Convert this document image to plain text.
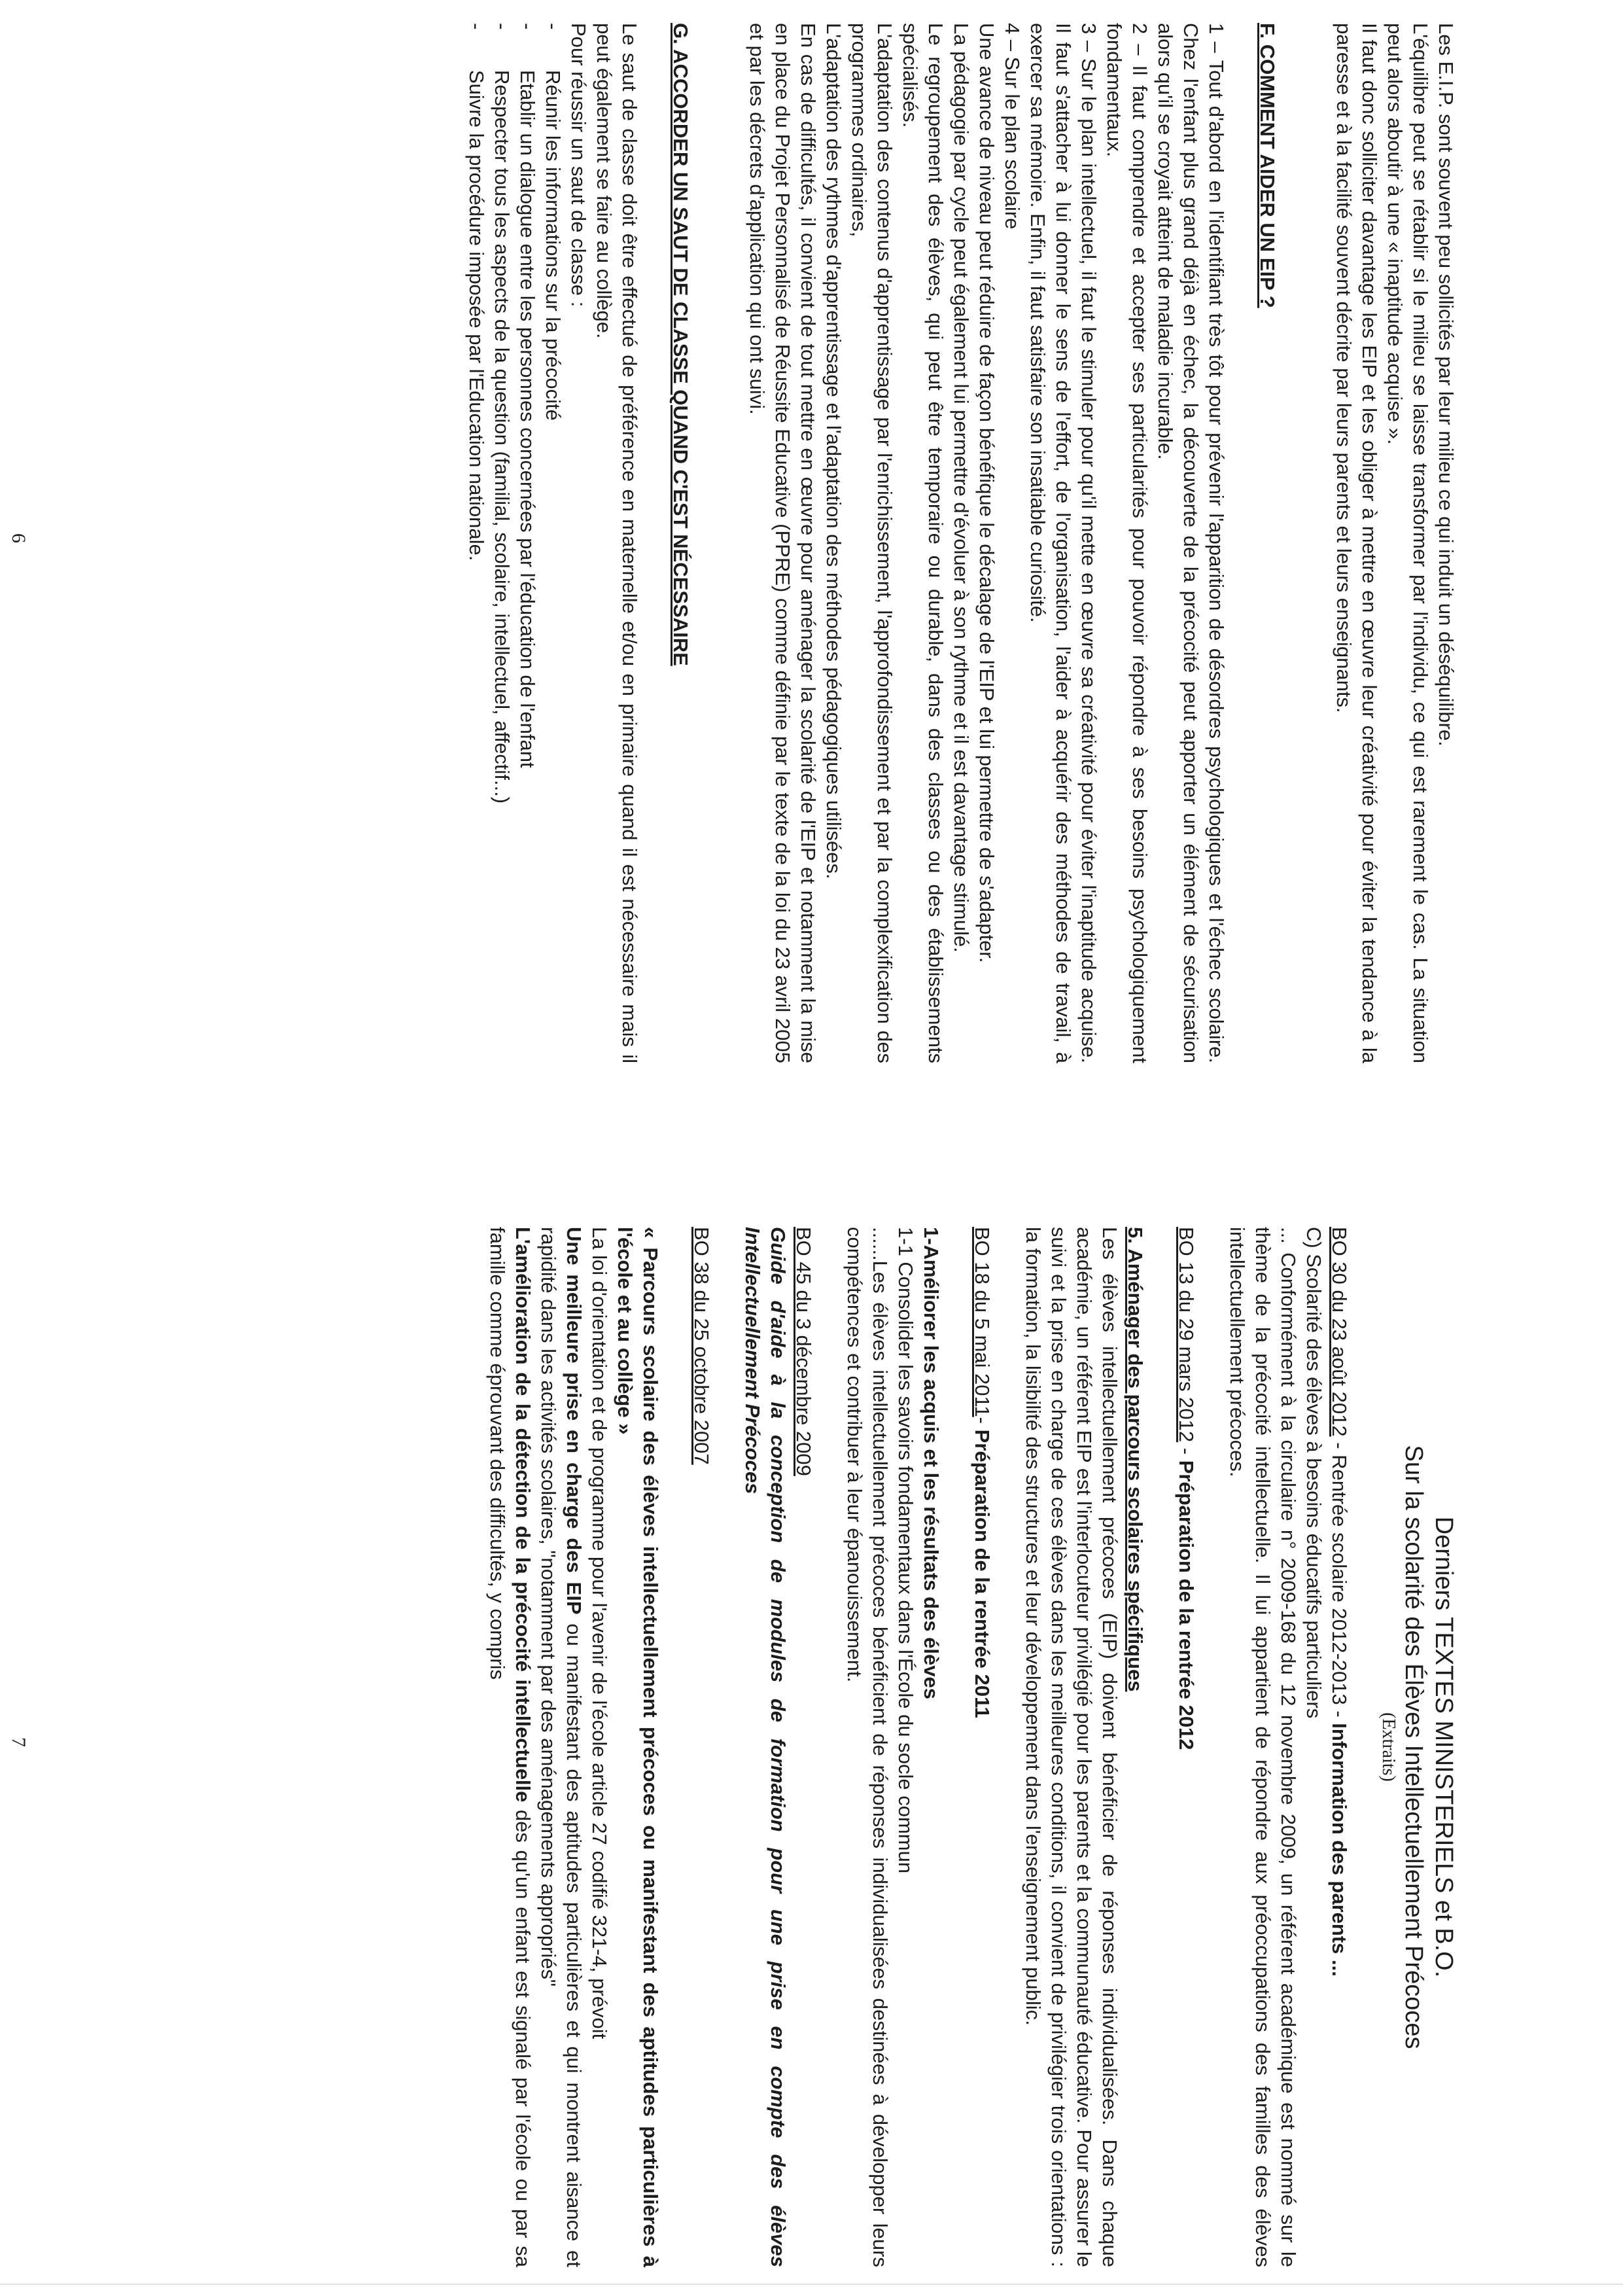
Les E.I.P. sont souvent peu sollicités par leur milieu ce qui induit un déséquilibre.

L'équilibre peut se rétablir si le milieu se laisse transformer par l'individu, ce qui est rarement le cas. La situation peut alors aboutir à une « inaptitude acquise ».

Il faut donc solliciter davantage les EIP et les obliger à mettre en œuvre leur créativité pour éviter la tendance à la paresse et à la facilité souvent décrite par leurs parents et leurs enseignants.

F. COMMENT AIDER UN EIP ?

1 – Tout d'abord en l'identifiant très tôt pour prévenir l'apparition de désordres psychologiques et l'échec scolaire. Chez l'enfant plus grand déjà en échec, la découverte de la précocité peut apporter un élément de sécurisation alors qu'il se croyait atteint de maladie incurable.

2 – Il faut comprendre et accepter ses particularités pour pouvoir répondre à ses besoins psychologiquement fondamentaux.

3 – Sur le plan intellectuel, il faut le stimuler pour qu'il mette en œuvre sa créativité pour éviter l'inaptitude acquise. Il faut s'attacher à lui donner le sens de l'effort, de l'organisation, l'aider à acquérir des méthodes de travail, à exercer sa mémoire. Enfin, il faut satisfaire son insatiable curiosité.

4 – Sur le plan scolaire

Une avance de niveau peut réduire de façon bénéfique le décalage de l'EIP et lui permettre de s'adapter.

La pédagogie par cycle peut également lui permettre d'évoluer à son rythme et il est davantage stimulé.

Le regroupement des élèves, qui peut être temporaire ou durable, dans des classes ou des établissements spécialisés.

L'adaptation des contenus d'apprentissage par l'enrichissement, l'approfondissement et par la complexification des programmes ordinaires,

L'adaptation des rythmes d'apprentissage et l'adaptation des méthodes pédagogiques utilisées.

En cas de difficultés, il convient de tout mettre en œuvre pour aménager la scolarité de l'EIP et notamment la mise en place du Projet Personnalisé de Réussite Educative (PPRE) comme définie par le texte de la loi du 23 avril 2005 et par les décrets d'application qui ont suivi.

G. ACCORDER UN SAUT DE CLASSE QUAND C'EST NÉCESSAIRE

Le saut de classe doit être effectué de préférence en maternelle et/ou en primaire quand il est nécessaire mais il peut également se faire au collège.

Pour réussir un saut de classe :

- Réunir les informations sur la précocité
- Etablir un dialogue entre les personnes concernées par l'éducation de l'enfant
- Respecter tous les aspects de la question (familial, scolaire, intellectuel, affectif...)
- Suivre la procédure imposée par l'Education nationale.
6

Derniers TEXTES MINISTERIELS et B.O.

Sur la scolarité des Élèves Intellectuellement Précoces

(Extraits)

BO 30 du 23 août 2012 - Rentrée scolaire 2012-2013 - Information des parents ...

C) Scolarité des élèves à besoins éducatifs particuliers

... Conformément à la circulaire n° 2009-168 du 12 novembre 2009, un référent académique est nommé sur le thème de la précocité intellectuelle. Il lui appartient de répondre aux préoccupations des familles des élèves intellectuellement précoces.

BO 13 du 29 mars 2012 - Préparation de la rentrée 2012

5. Aménager des parcours scolaires spécifiques

Les élèves intellectuellement précoces (EIP) doivent bénéficier de réponses individualisées. Dans chaque académie, un référent EIP est l'interlocuteur privilégié pour les parents et la communauté éducative. Pour assurer le suivi et la prise en charge de ces élèves dans les meilleures conditions, il convient de privilégier trois orientations : la formation, la lisibilité des structures et leur développement dans l'enseignement public.

BO 18 du 5 mai 2011- Préparation de la rentrée 2011

1-Améliorer les acquis et les résultats des élèves

1-1 Consolider les savoirs fondamentaux dans l'École du socle commun

......Les élèves intellectuellement précoces bénéficient de réponses individualisées destinées à développer leurs compétences et contribuer à leur épanouissement.

BO 45 du 3 décembre 2009

Guide d'aide à la conception de modules de formation pour une prise en compte des élèves Intellectuellement Précoces

BO 38 du 25 octobre 2007

« Parcours scolaire des élèves intellectuellement précoces ou manifestant des aptitudes particulières à l'école et au collège »

La loi d'orientation et de programme pour l'avenir de l'école article 27 codifié 321-4, prévoit

Une meilleure prise en charge des EIP ou manifestant des aptitudes particulières et qui montrent aisance et rapidité dans les activités scolaires, "notamment par des aménagements appropriés"

L'amélioration de la détection de la précocité intellectuelle dès qu'un enfant est signalé par l'école ou par sa famille comme éprouvant des difficultés, y compris

7
